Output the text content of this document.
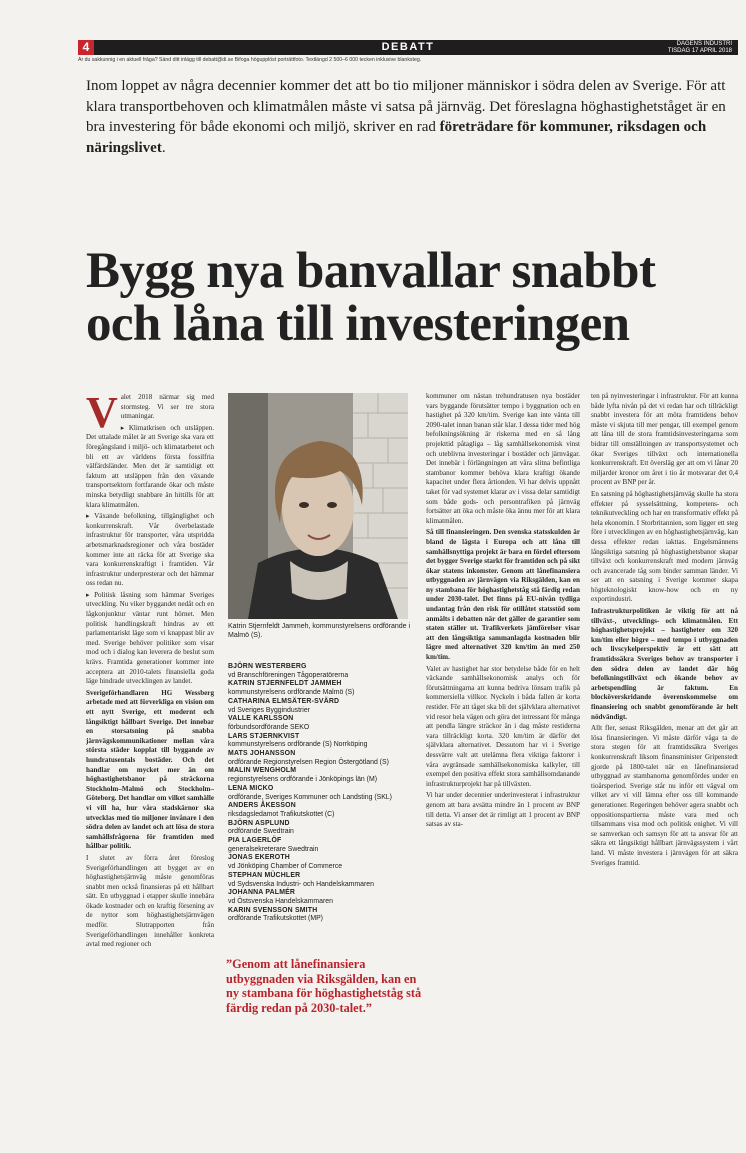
4	DEBATT	DAGENS INDUSTRI
TISDAG 17 APRIL 2018
Är du sakkunnig i en aktuell fråga? Sänd ditt inlägg till debatt@di.se Bifoga högupplöst porträttfoto. Textlängd 2 500–6 000 tecken inklusive blanksteg.
Inom loppet av några decennier kommer det att bo tio miljoner människor i södra delen av Sverige. För att klara transportbehoven och klimatmålen måste vi satsa på järnväg. Det föreslagna höghastighetståget är en bra investering för både ekonomi och miljö, skriver en rad företrädare för kommuner, riksdagen och näringslivet.
Bygg nya banvallar snabbt
och låna till investeringen

Valet 2018 närmar sig med stormsteg. Vi ser tre stora utmaningar.

▸ Klimatkrisen och utsläppen. Det uttalade målet är att Sverige ska vara ett föregångsland i miljö- och klimatarbetet och bli ett av världens första fossilfria välfärdsländer. Men det är samtidigt ett faktum att utsläppen från den växande transportsektorn fortfarande ökar och måste minska betydligt snabbare än hittills för att klara klimatmålen.

▸ Växande befolkning, tillgänglighet och konkurrenskraft. Vår överbelastade infrastruktur för transporter, våra utspridda arbetsmarknadsregioner och våra bostäder kommer inte att räcka för att Sverige ska vara konkurrenskraftigt i framtiden. Vår infrastruktur underpresterar och det hämmar oss redan nu.

▸ Politisk låsning som hämmar Sveriges utveckling. Nu viker byggandet nedåt och en lågkonjunktur väntar runt hörnet. Men politisk handlingskraft hindras av ett parlamentariskt läge som vi knappast blir av med. Sverige behöver politiker som visar mod och i dialog kan leverera de beslut som krävs. Framtida generationer kommer inte acceptera att 2010-talets finansiella goda läge hindrade utvecklingen av landet.

Sverigeförhandlaren HG Wessberg arbetade med att förverkliga en vision om ett nytt Sverige, ett modernt och långsiktigt hållbart Sverige. Det innebar en storsatsning på snabba järnvägskommunikationer mellan våra största städer kopplat till byggande av hundratusentals bostäder. Och det handlar om mycket mer än om höghastighetsbanor på sträckorna Stockholm–Malmö och Stockholm–Göteborg. Det handlar om vilket samhälle vi vill ha, hur våra stadskärnor ska utvecklas med tio miljoner invånare i den södra delen av landet och att lösa de stora samhällsfrågorna för framtiden med hållbar politik.

I slutet av förra året föreslog Sverigeförhandlingen att bygget av en höghastighetsjärnväg måste genomföras snabbt men också finansieras på ett hållbart sätt. En utbyggnad i etapper skulle innebära ökade kostnader och en kraftig försening av de nyttor som höghastighetsjärnvägen medför. Slutrapporten från Sverigeförhandlingen innehåller konkreta avtal med regioner och

Katrin Stjernfeldt Jammeh, kommunstyrelsens ordförande i Malmö (S).
BJÖRN WESTERBERG
vd Branschföreningen Tågoperatörerna
KATRIN STJERNFELDT JAMMEH
kommunstyrelsens ordförande Malmö (S)
CATHARINA ELMSÄTER-SVÄRD
vd Sveriges Byggindustrier
VALLE KARLSSON
förbundsordförande SEKO
LARS STJERNKVIST
kommunstyrelsens ordförande (S) Norrköping
MATS JOHANSSON
ordförande Regionstyrelsen Region Östergötland (S)
MALIN WENGHOLM
regionstyrelsens ordförande i Jönköpings län (M)
LENA MICKO
ordförande, Sveriges Kommuner och Landsting (SKL)
ANDERS ÅKESSON
riksdagsledamot Trafikutskottet (C)
BJÖRN ASPLUND
ordförande Swedtrain
PIA LAGERLÖF
generalsekreterare Swedtrain
JONAS EKEROTH
vd Jönköping Chamber of Commerce
STEPHAN MÜCHLER
vd Sydsvenska Industri- och Handelskammaren
JOHANNA PALMÉR
vd Östsvenska Handelskammaren
KARIN SVENSSON SMITH
ordförande Trafikutskottet (MP)
”Genom att lånefinansiera utbyggnaden via Riksgälden, kan en ny stambana för höghastighetståg stå färdig redan på 2030-talet.”

kommuner om nästan trehundratusen nya bostäder vars byggande förutsätter tempo i byggnation och en hastighet på 320 km/tim. Sverige kan inte vänta till 2090-talet innan banan står klar. I dessa tider med hög befolkningsökning är riskerna med en så lång projekttid påtagliga – låg samhällsekonomisk vinst och uteblivna investeringar i bostäder och järnvägar. Det innebär i förlängningen att våra slitna befintliga stambanor kommer behöva klara kraftigt ökande kapacitet under flera årtionden. Vi har delvis uppnått taket för vad systemet klarar av i vissa delar samtidigt som både gods- och persontrafiken på järnväg fortsätter att öka och måste öka ännu mer för att klara klimatmålen.

Så till finansieringen. Den svenska statsskulden är bland de lägsta i Europa och att låna till samhällsnyttiga projekt är bara en fördel eftersom det bygger Sverige starkt för framtiden och på sikt ökar statens inkomster. Genom att lånefinansiera utbyggnaden av järnvägen via Riksgälden, kan en ny stambana för höghastighetståg stå färdig redan under 2030-talet. Det finns på EU-nivån tydliga undantag från den risk för otillåtet statsstöd som anmälts i debatten när det gäller de garantier som staten ställer ut. Trafikverkets jämförelser visar att den långsiktiga sammanlagda kostnaden blir lägre med alternativet 320 km/tim än med 250 km/tim.

Valet av hastighet har stor betydelse både för en helt väckande samhällsekonomisk analys och för förutsättningarna att kunna bedriva lönsam trafik på kommersiella villkor. Nyckeln i båda fallen är korta restider. För att tåget ska bli det självklara alternativet vid resor hela vägen och göra det intressant för många att pendla längre sträckor än i dag måste restiderna vara tillräckligt korta. 320 km/tim är därför det självklara alternativet. Dessutom har vi i Sverige dessvärre valt att utelämna flera viktiga faktorer i våra avgränsade samhällsekonomiska kalkyler, till exempel den positiva effekt stora samhällsomdanande infrastrukturprojekt har på tillväxten.

Vi har under decennier underinvesterat i infrastruktur genom att bara avsätta mindre än 1 procent av BNP till detta. Vi anser det är rimligt att 1 procent av BNP satsas av sta-

ten på nyinvesteringar i infrastruktur. För att kunna både lyfta nivån på det vi redan har och tillräckligt snabbt investera för att möta framtidens behov måste vi skjuta till mer pengar, till exempel genom att låna till de stora framtidsinvesteringarna som bidrar till omställningen av transportsystemet och ökar Sveriges tillväxt och internationella konkurrenskraft. Ett översläg ger att om vi lånar 20 miljarder kronor om året i tio år motsvarar det 0,4 procent av BNP per år.

En satsning på höghastighetsjärnväg skulle ha stora effekter på sysselsättning, kompetens- och teknikutveckling och har en transformativ effekt på hela ekonomin. I Storbritannien, som ligger ett steg före i utvecklingen av en höghastighetsjärnväg, kan dessa effekter redan iakttas. Engelsmännens långsiktiga satsning på höghastighetsbanor skapar tillväxt och konkurrenskraft med modern järnväg och avancerade tåg som binder samman länder. Vi ser att en satsning i Sverige kommer skapa högteknologiskt know-how och en ny exportindustri.

Infrastrukturpolitiken är viktig för att nå tillväxt-, utvecklings- och klimatmålen. Ett höghastighetsprojekt – hastigheter om 320 km/tim eller högre – med tempo i utbyggnaden och livscykelperspektiv är ett sätt att framtidssäkra Sveriges behov av transporter i den södra delen av landet där hög befolkningstillväxt och ökande behov av arbetspendling är faktum. En blocköverskridande överenskommelse om finansiering och snabbt genomförande är helt nödvändigt.

Allt fler, senast Riksgälden, menar att det går att lösa finansieringen. Vi måste därför våga ta de stora stegen för att framtidssäkra Sveriges konkurrenskraft liksom finansminister Gripenstedt gjorde på 1800-talet när en lånefinansierad utbyggnad av stambanorna genomfördes under en tioårsperiod. Sverige står nu inför ett vägval om vilket arv vi vill lämna efter oss till kommande generationer. Regeringen behöver agera snabbt och oppositionspartierna måste vara med och tillsammans visa mod och politisk enighet. Vi vill se samverkan och samsyn för att ta ansvar för att säkra ett långsiktigt hållbart järnvägssystem i vårt land. Vi måste investera i järnvägen för att säkra Sveriges framtid.
